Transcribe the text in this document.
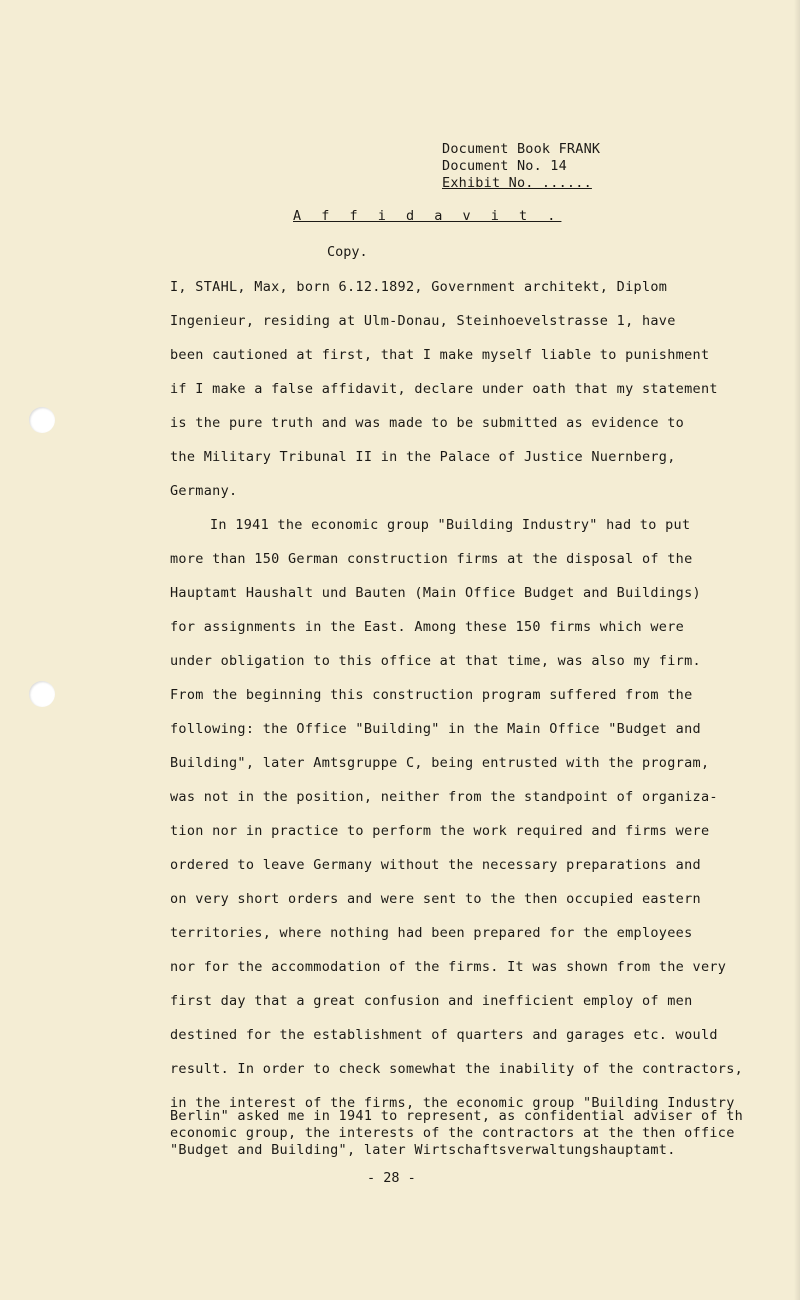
Document Book FRANK
Document No. 14
Exhibit No. ......
A f f i d a v i t .
Copy.
I, STAHL, Max, born 6.12.1892, Government architekt, Diplom
Ingenieur, residing at Ulm-Donau, Steinhoevelstrasse 1, have
been cautioned at first, that I make myself liable to punishment
if I make a false affidavit, declare under oath that my statement
is the pure truth and was made to be submitted as evidence to
the Military Tribunal II in the Palace of Justice Nuernberg,
Germany.
In 1941 the economic group "Building Industry" had to put
more than 150 German construction firms at the disposal of the
Hauptamt Haushalt und Bauten (Main Office Budget and Buildings)
for assignments in the East. Among these 150 firms which were
under obligation to this office at that time, was also my firm.
From the beginning this construction program suffered from the
following: the Office "Building" in the Main Office "Budget and
Building", later Amtsgruppe C, being entrusted with the program,
was not in the position, neither from the standpoint of organiza-
tion nor in practice to perform the work required and firms were
ordered to leave Germany without the necessary preparations and
on very short orders and were sent to the then occupied eastern
territories, where nothing had been prepared for the employees
nor for the accommodation of the firms. It was shown from the very
first day that a great confusion and inefficient employ of men
destined for the establishment of quarters and garages etc. would
result. In order to check somewhat the inability of the contractors,
in the interest of the firms, the economic group "Building Industry
Berlin" asked me in 1941 to represent, as confidential adviser of th
economic group, the interests of the contractors at the then office
"Budget and Building", later Wirtschaftsverwaltungshauptamt.
- 28 -
